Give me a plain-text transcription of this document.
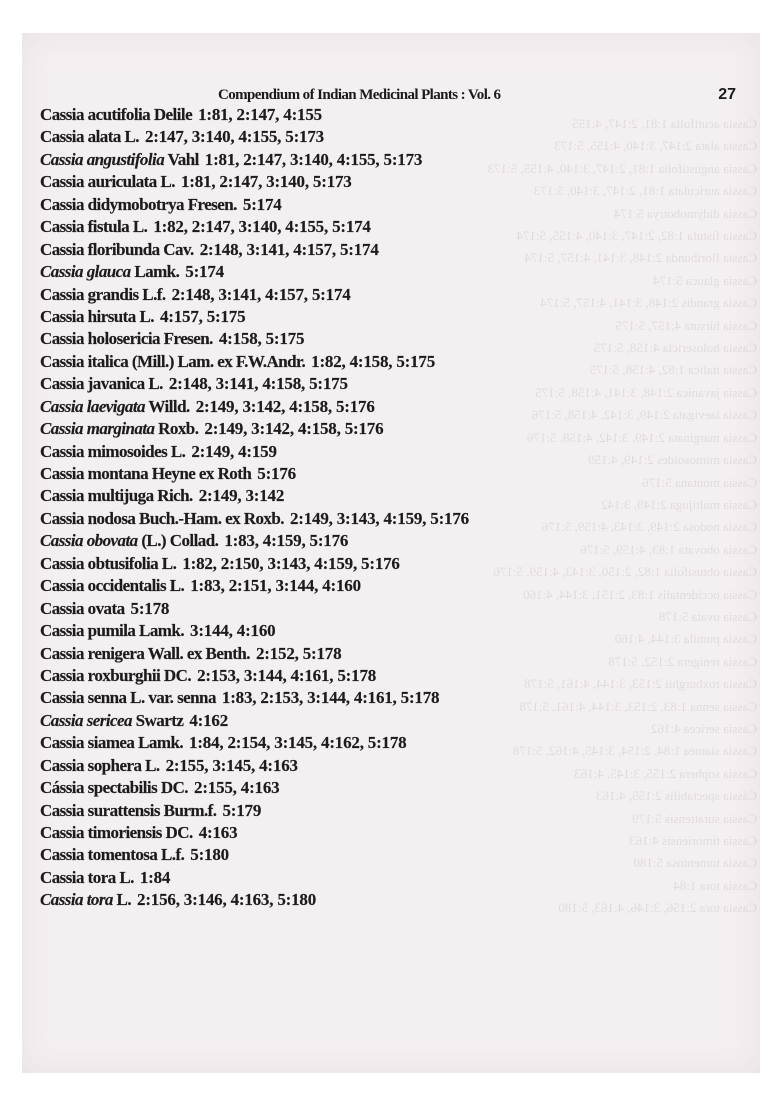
Cassia acutifolia 1:81, 2:147, 4:155
Cassia alata 2:147, 3:140, 4:155, 5:173
Cassia angustifolia 1:81, 2:147, 3:140, 4:155, 5:173
Cassia auriculata 1:81, 2:147, 3:140, 5:173
Cassia didymobotrya 5:174
Cassia fistula 1:82, 2:147, 3:140, 4:155, 5:174
Cassia floribunda 2:148, 3:141, 4:157, 5:174
Cassia glauca 5:174
Cassia grandis 2:148, 3:141, 4:157, 5:174
Cassia hirsuta 4:157, 5:175
Cassia holosericia 4:158, 5:175
Cassia italica 1:82, 4:158, 5:175
Cassia javanica 2:148, 3:141, 4:158, 5:175
Cassia laevigata 2:149, 3:142, 4:158, 5:176
Cassia marginata 2:149, 3:142, 4:158, 5:176
Cassia mimosoides 2:149, 4:159
Cassia montana 5:176
Cassia multijuga 2:149, 3:142
Cassia nodosa 2:149, 3:143, 4:159, 5:176
Cassia obovata 1:83, 4:159, 5:176
Cassia obtusifolia 1:82, 2:150, 3:143, 4:159, 5:176
Cassia occidentalis 1:83, 2:151, 3:144, 4:160
Cassia ovata 5:178
Cassia pumila 3:144, 4:160
Cassia renigera 2:152, 5:178
Cassia roxburghii 2:153, 3:144, 4:161, 5:178
Cassia senna 1:83, 2:153, 3:144, 4:161, 5:178
Cassia sericea 4:162
Cassia siamea 1:84, 2:154, 3:145, 4:162, 5:178
Cassia sophera 2:155, 3:145, 4:163
Cássia spectabilis 2:155, 4:163
Cassia surattensis 5:179
Cassia timoriensis 4:163
Cassia tomentosa 5:180
Cassia tora 1:84
Cassia tora 2:156, 3:146, 4:163, 5:180
Compendium of Indian Medicinal Plants : Vol. 6	27
Cassia acutifolia Delile 1:81, 2:147, 4:155
Cassia alata L. 2:147, 3:140, 4:155, 5:173
Cassia angustifolia Vahl 1:81, 2:147, 3:140, 4:155, 5:173
Cassia auriculata L. 1:81, 2:147, 3:140, 5:173
Cassia didymobotrya Fresen. 5:174
Cassia fistula L. 1:82, 2:147, 3:140, 4:155, 5:174
Cassia floribunda Cav. 2:148, 3:141, 4:157, 5:174
Cassia glauca Lamk. 5:174
Cassia grandis L.f. 2:148, 3:141, 4:157, 5:174
Cassia hirsuta L. 4:157, 5:175
Cassia holosericia Fresen. 4:158, 5:175
Cassia italica (Mill.) Lam. ex F.W.Andr. 1:82, 4:158, 5:175
Cassia javanica L. 2:148, 3:141, 4:158, 5:175
Cassia laevigata Willd. 2:149, 3:142, 4:158, 5:176
Cassia marginata Roxb. 2:149, 3:142, 4:158, 5:176
Cassia mimosoides L. 2:149, 4:159
Cassia montana Heyne ex Roth 5:176
Cassia multijuga Rich. 2:149, 3:142
Cassia nodosa Buch.-Ham. ex Roxb. 2:149, 3:143, 4:159, 5:176
Cassia obovata (L.) Collad. 1:83, 4:159, 5:176
Cassia obtusifolia L. 1:82, 2:150, 3:143, 4:159, 5:176
Cassia occidentalis L. 1:83, 2:151, 3:144, 4:160
Cassia ovata 5:178
Cassia pumila Lamk. 3:144, 4:160
Cassia renigera Wall. ex Benth. 2:152, 5:178
Cassia roxburghii DC. 2:153, 3:144, 4:161, 5:178
Cassia senna L. var. senna 1:83, 2:153, 3:144, 4:161, 5:178
Cassia sericea Swartz 4:162
Cassia siamea Lamk. 1:84, 2:154, 3:145, 4:162, 5:178
Cassia sophera L. 2:155, 3:145, 4:163
Cássia spectabilis DC. 2:155, 4:163
Cassia surattensis Burm.f. 5:179
Cassia timoriensis DC. 4:163
Cassia tomentosa L.f. 5:180
Cassia tora L. 1:84
Cassia tora L. 2:156, 3:146, 4:163, 5:180
